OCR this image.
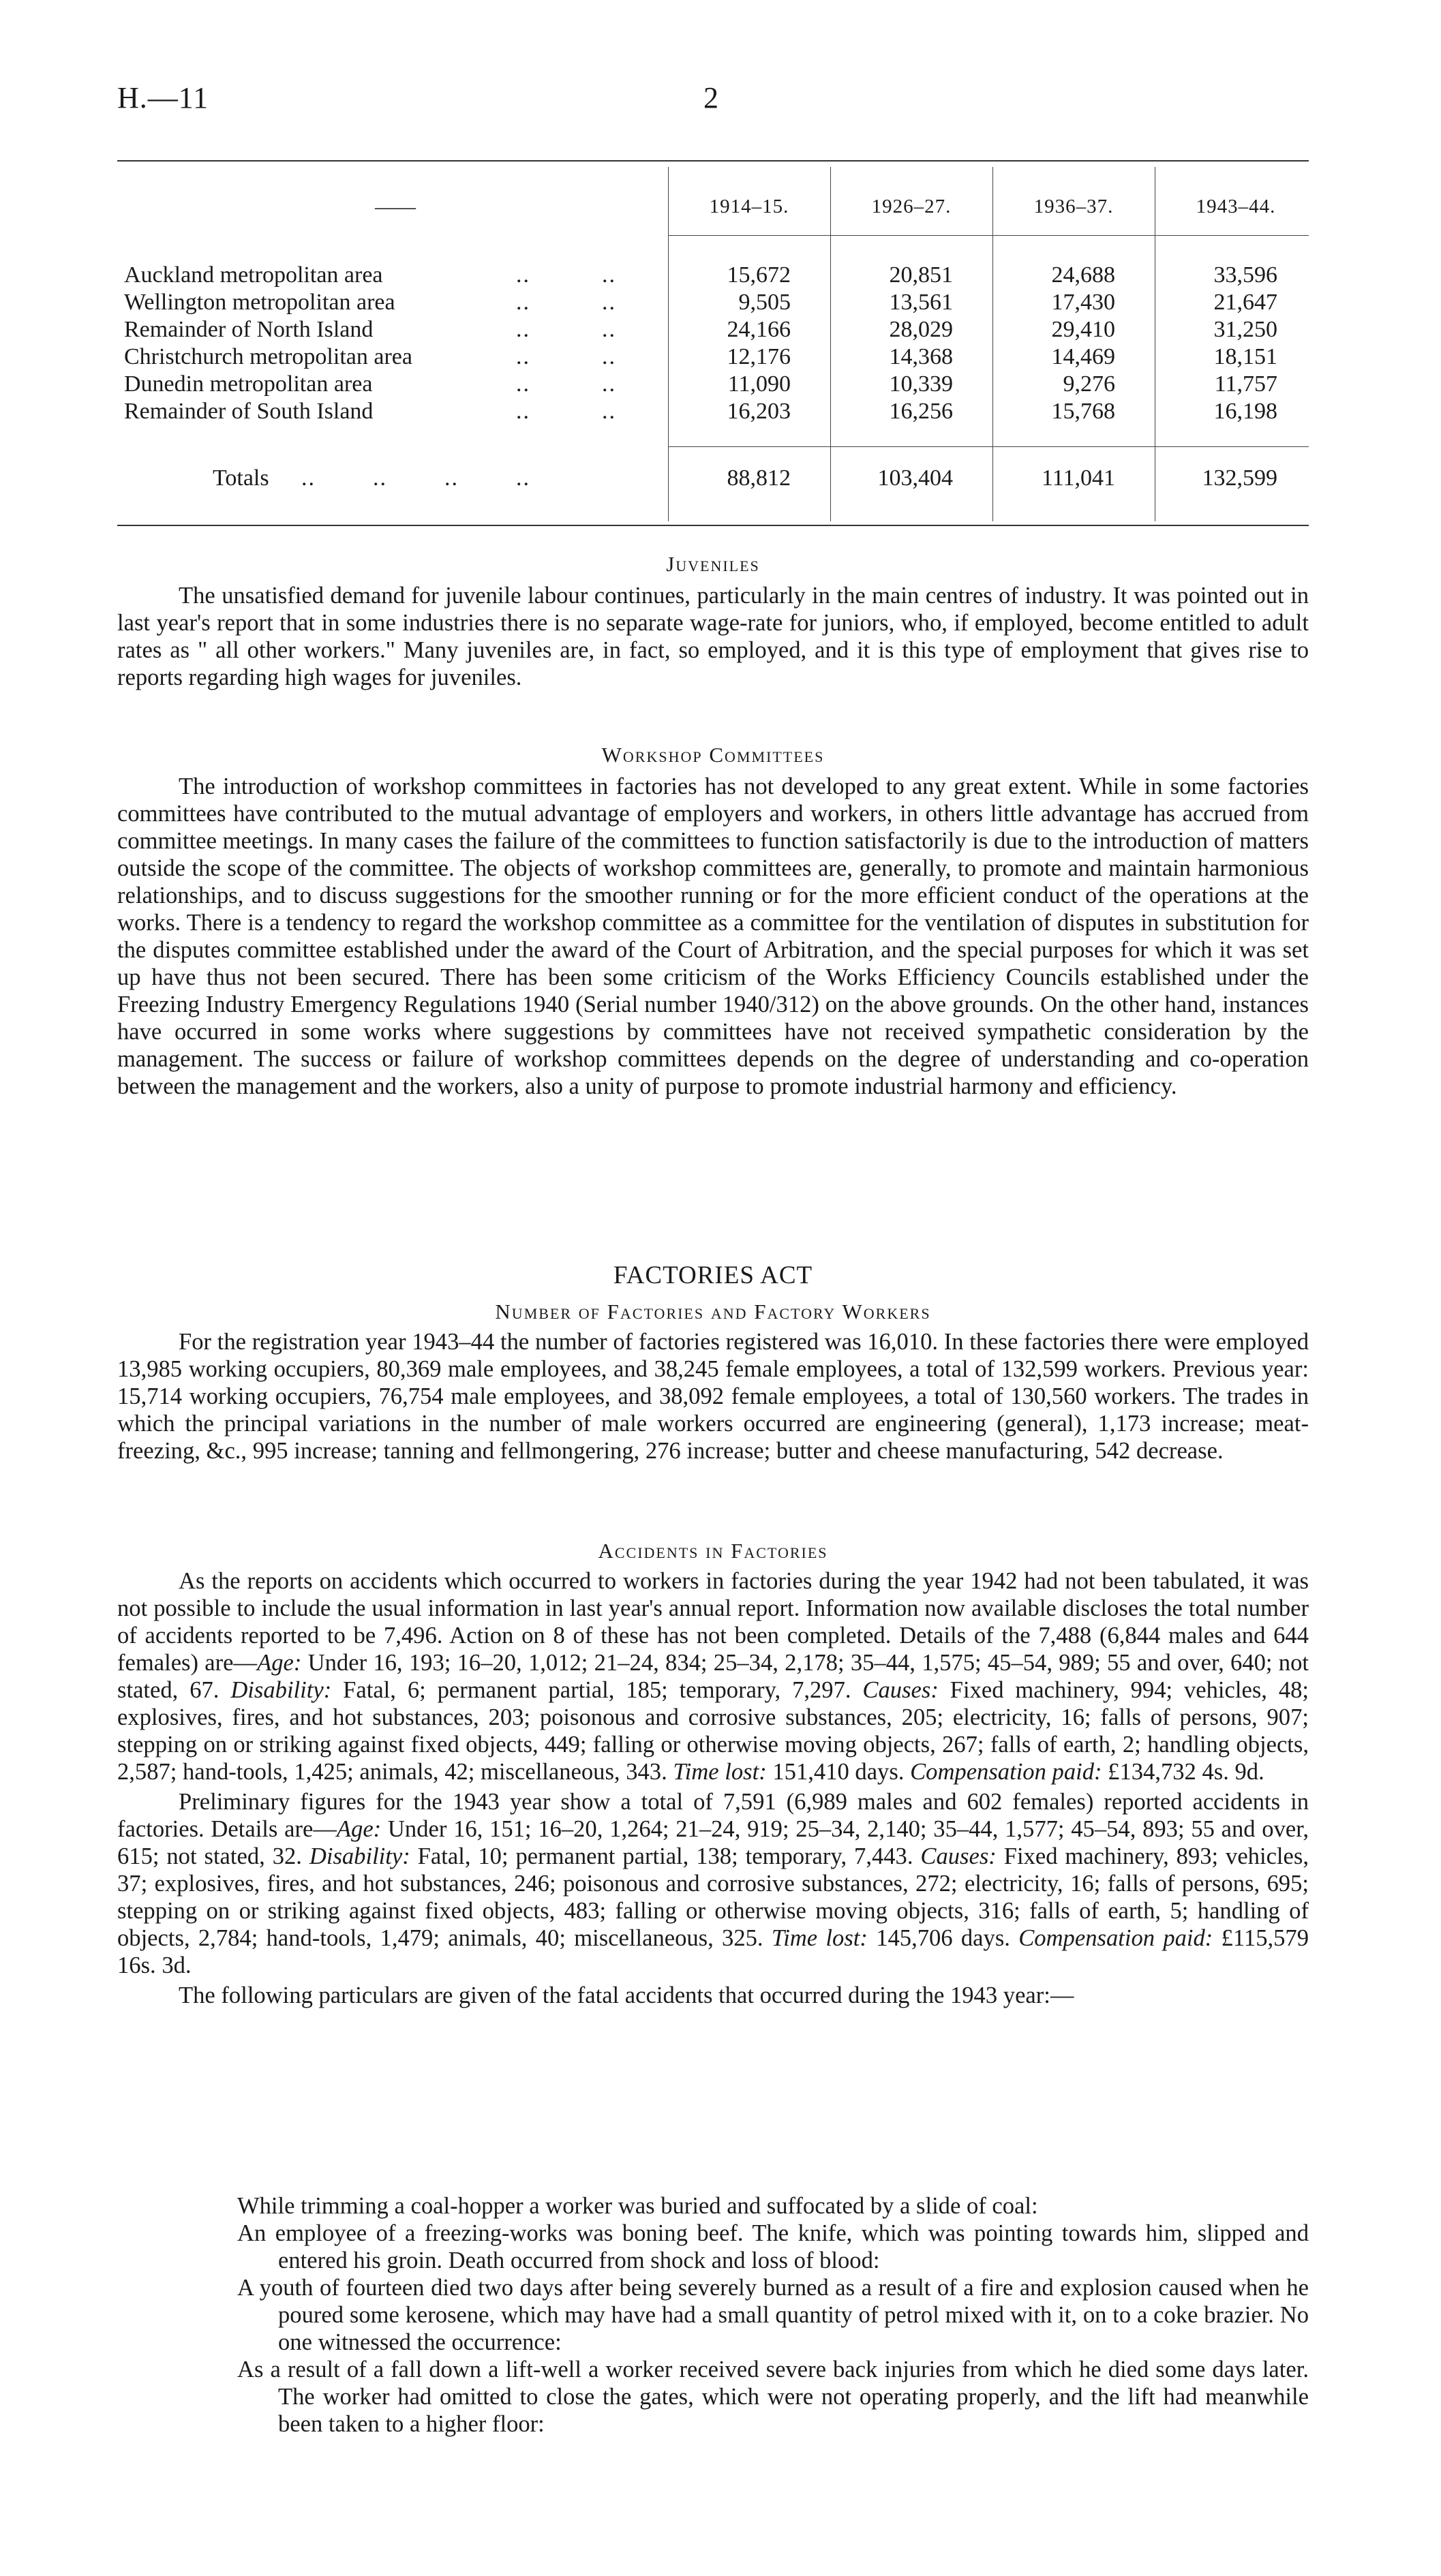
H.—11	2
——	1914–15.	1926–27.	1936–37.	1943–44.
Auckland metropolitan area	..          ..	15,672	20,851	24,688	33,596
Wellington metropolitan area	..          ..	9,505	13,561	17,430	21,647
Remainder of North Island	..          ..	24,166	28,029	29,410	31,250
Christchurch metropolitan area	..          ..	12,176	14,368	14,469	18,151
Dunedin metropolitan area	..          ..	11,090	10,339	9,276	11,757
Remainder of South Island	..          ..	16,203	16,256	15,768	16,198
Totals ..        ..        ..        ..	88,812	103,404	111,041	132,599
Juveniles

The unsatisfied demand for juvenile labour continues, particularly in the main centres of industry. It was pointed out in last year's report that in some industries there is no separate wage-rate for juniors, who, if employed, become entitled to adult rates as " all other workers." Many juveniles are, in fact, so employed, and it is this type of employment that gives rise to reports regarding high wages for juveniles.

Workshop Committees

The introduction of workshop committees in factories has not developed to any great extent. While in some factories committees have contributed to the mutual advantage of employers and workers, in others little advantage has accrued from committee meetings. In many cases the failure of the committees to function satisfactorily is due to the introduction of matters outside the scope of the committee. The objects of workshop committees are, generally, to promote and maintain harmonious relationships, and to discuss suggestions for the smoother running or for the more efficient conduct of the operations at the works. There is a tendency to regard the workshop committee as a committee for the ventilation of disputes in substitution for the disputes committee established under the award of the Court of Arbitration, and the special purposes for which it was set up have thus not been secured. There has been some criticism of the Works Efficiency Councils established under the Freezing Industry Emergency Regulations 1940 (Serial number 1940/312) on the above grounds. On the other hand, instances have occurred in some works where suggestions by committees have not received sympathetic consideration by the management. The success or failure of workshop committees depends on the degree of understanding and co-operation between the management and the workers, also a unity of purpose to promote industrial harmony and efficiency.

FACTORIES ACT
Number of Factories and Factory Workers

For the registration year 1943–44 the number of factories registered was 16,010. In these factories there were employed 13,985 working occupiers, 80,369 male employees, and 38,245 female employees, a total of 132,599 workers. Previous year: 15,714 working occupiers, 76,754 male employees, and 38,092 female employees, a total of 130,560 workers. The trades in which the principal variations in the number of male workers occurred are engineering (general), 1,173 increase; meat-freezing, &c., 995 increase; tanning and fellmongering, 276 increase; butter and cheese manufacturing, 542 decrease.

Accidents in Factories

As the reports on accidents which occurred to workers in factories during the year 1942 had not been tabulated, it was not possible to include the usual information in last year's annual report. Information now available discloses the total number of accidents reported to be 7,496. Action on 8 of these has not been completed. Details of the 7,488 (6,844 males and 644 females) are—Age: Under 16, 193; 16–20, 1,012; 21–24, 834; 25–34, 2,178; 35–44, 1,575; 45–54, 989; 55 and over, 640; not stated, 67. Disability: Fatal, 6; permanent partial, 185; temporary, 7,297. Causes: Fixed machinery, 994; vehicles, 48; explosives, fires, and hot substances, 203; poisonous and corrosive substances, 205; electricity, 16; falls of persons, 907; stepping on or striking against fixed objects, 449; falling or otherwise moving objects, 267; falls of earth, 2; handling objects, 2,587; hand-tools, 1,425; animals, 42; miscellaneous, 343. Time lost: 151,410 days. Compensation paid: £134,732 4s. 9d.

Preliminary figures for the 1943 year show a total of 7,591 (6,989 males and 602 females) reported accidents in factories. Details are—Age: Under 16, 151; 16–20, 1,264; 21–24, 919; 25–34, 2,140; 35–44, 1,577; 45–54, 893; 55 and over, 615; not stated, 32. Disability: Fatal, 10; permanent partial, 138; temporary, 7,443. Causes: Fixed machinery, 893; vehicles, 37; explosives, fires, and hot substances, 246; poisonous and corrosive substances, 272; electricity, 16; falls of persons, 695; stepping on or striking against fixed objects, 483; falling or otherwise moving objects, 316; falls of earth, 5; handling of objects, 2,784; hand-tools, 1,479; animals, 40; miscellaneous, 325. Time lost: 145,706 days. Compensation paid: £115,579 16s. 3d.

The following particulars are given of the fatal accidents that occurred during the 1943 year:—

While trimming a coal-hopper a worker was buried and suffocated by a slide of coal:

An employee of a freezing-works was boning beef. The knife, which was pointing towards him, slipped and entered his groin. Death occurred from shock and loss of blood:

A youth of fourteen died two days after being severely burned as a result of a fire and explosion caused when he poured some kerosene, which may have had a small quantity of petrol mixed with it, on to a coke brazier. No one witnessed the occurrence:

As a result of a fall down a lift-well a worker received severe back injuries from which he died some days later. The worker had omitted to close the gates, which were not operating properly, and the lift had meanwhile been taken to a higher floor:
